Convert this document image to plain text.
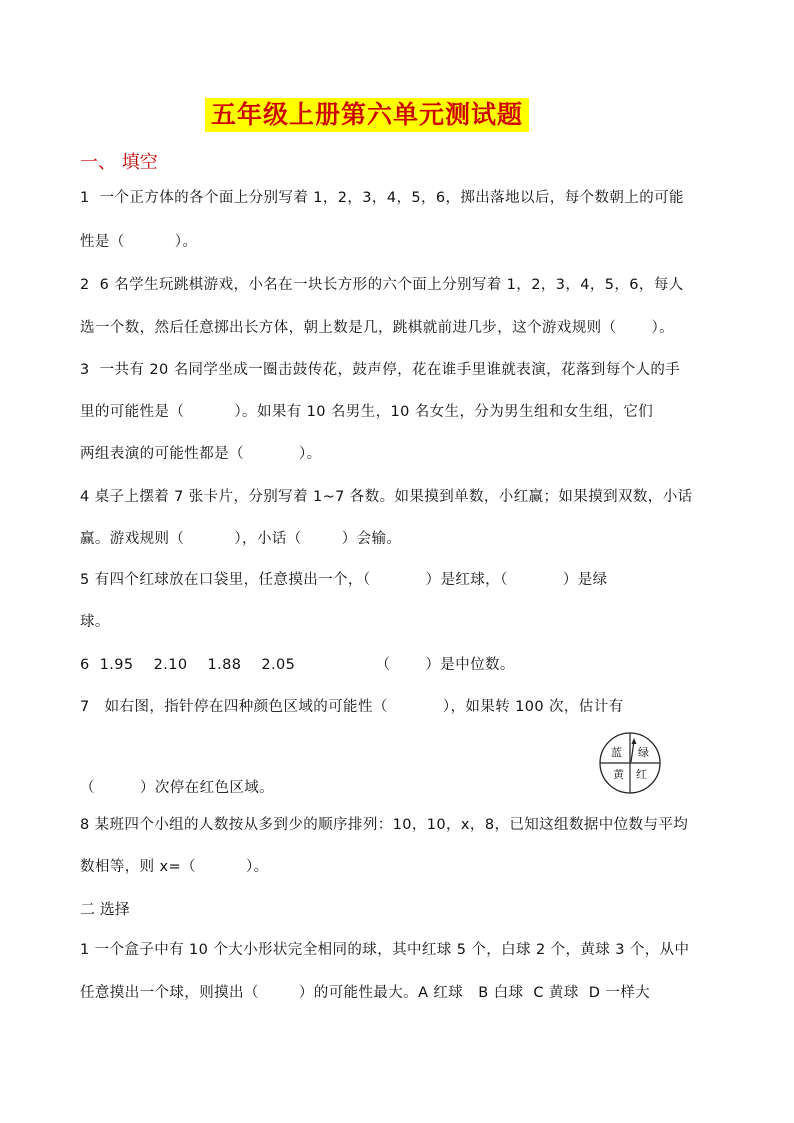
五年级上册第六单元测试题
一、 填空
1  一个正方体的各个面上分别写着 1，2，3，4，5，6，掷出落地以后，每个数朝上的可能
性是（          ）。
2  6 名学生玩跳棋游戏，小名在一块长方形的六个面上分别写着 1，2，3，4，5，6，每人
选一个数，然后任意掷出长方体，朝上数是几，跳棋就前进几步，这个游戏规则（       ）。
3  一共有 20 名同学坐成一圈击鼓传花，鼓声停，花在谁手里谁就表演，花落到每个人的手
里的可能性是（          ）。如果有 10 名男生，10 名女生，分为男生组和女生组，它们
两组表演的可能性都是（           ）。
4 桌子上摆着 7 张卡片，分别写着 1~7 各数。如果摸到单数，小红赢；如果摸到双数，小话
赢。游戏规则（          ），小话（        ）会输。
5 有四个红球放在口袋里，任意摸出一个，（           ）是红球，（           ）是绿
球。
6  1.95    2.10    1.88    2.05                （       ）是中位数。
7   如右图，指针停在四种颜色区域的可能性（           ），如果转 100 次，估计有
蓝 绿
黄 红
（         ）次停在红色区域。
8 某班四个小组的人数按从多到少的顺序排列：10，10，x，8，已知这组数据中位数与平均
数相等，则 x=（          ）。
二 选择
1 一个盒子中有 10 个大小形状完全相同的球，其中红球 5 个，白球 2 个，黄球 3 个，从中
任意摸出一个球，则摸出（        ）的可能性最大。A 红球   B 白球  C 黄球  D 一样大
